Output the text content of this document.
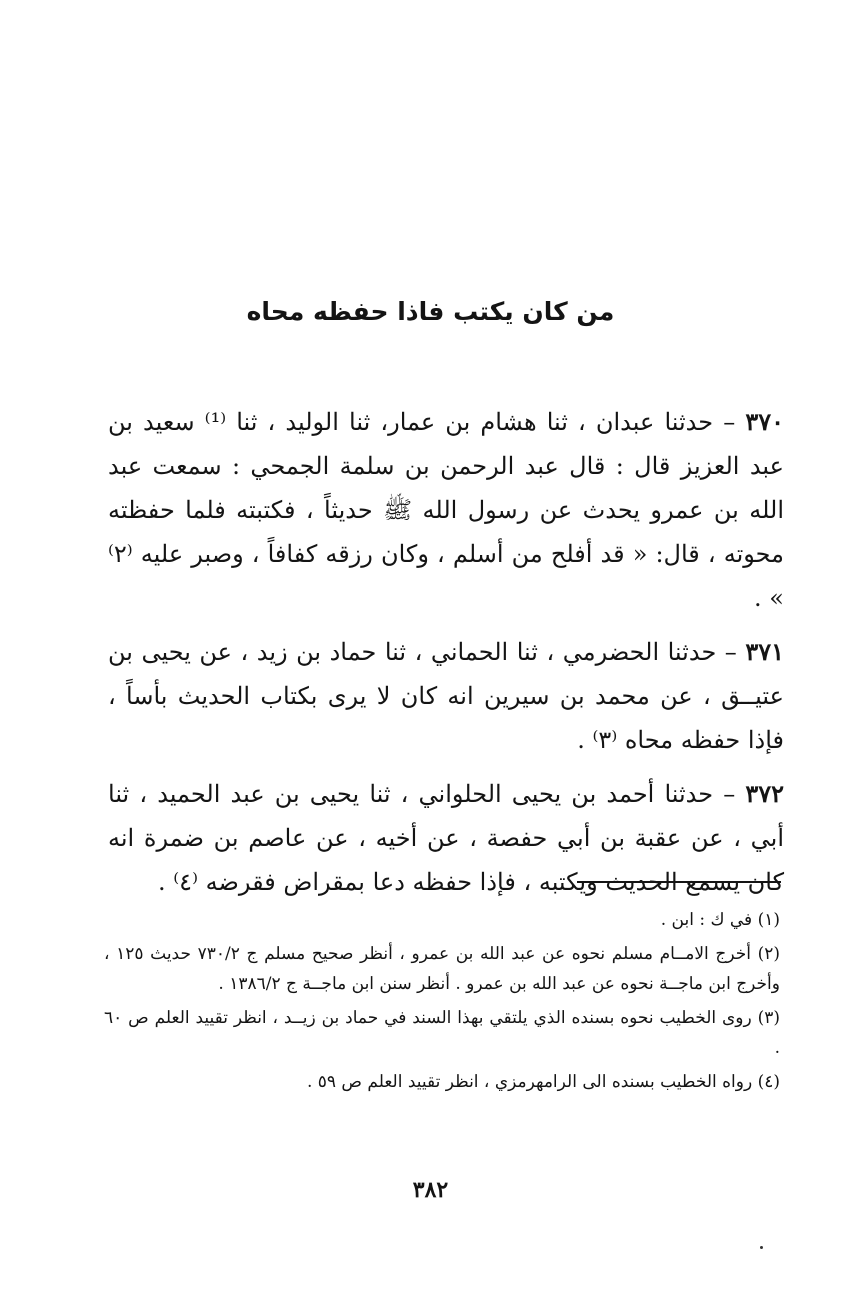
من كان يكتب فاذا حفظه محاه

٣٧٠ – حدثنا عبدان ، ثنا هشام بن عمار، ثنا الوليد ، ثنا ⁽¹⁾ سعيد بن عبد العزيز قال : قال عبد الرحمن بن سلمة الجمحي : سمعت عبد الله بن عمرو يحدث عن رسول الله ﷺ حديثاً ، فكتبته فلما حفظته محوته ، قال: « قد أفلح من أسلم ، وكان رزقه كفافاً ، وصبر عليه ⁽٢⁾ » .

٣٧١ – حدثنا الحضرمي ، ثنا الحماني ، ثنا حماد بن زيد ، عن يحيى بن عتيــق ، عن محمد بن سيرين انه كان لا يرى بكتاب الحديث بأساً ، فإذا حفظه محاه ⁽٣⁾ .

٣٧٢ – حدثنا أحمد بن يحيى الحلواني ، ثنا يحيى بن عبد الحميد ، ثنا أبي ، عن عقبة بن أبي حفصة ، عن أخيه ، عن عاصم بن ضمرة انه كان يسمع الحديث ويكتبه ، فإذا حفظه دعا بمقراض فقرضه ⁽٤⁾ .

(١) في ك : ابن .

(٢) أخرج الامــام مسلم نحوه عن عبد الله بن عمرو ، أنظر صحيح مسلم ج ٧٣٠/٢ حديث ١٢٥ ، وأخرج ابن ماجــة نحوه عن عبد الله بن عمرو . أنظر سنن ابن ماجــة ج ١٣٨٦/٢ .

(٣) روى الخطيب نحوه بسنده الذي يلتقي بهذا السند في حماد بن زيــد ، انظر تقييد العلم ص ٦٠ .

(٤) رواه الخطيب بسنده الى الرامهرمزي ، انظر تقييد العلم ص ٥٩ .

٣٨٢
